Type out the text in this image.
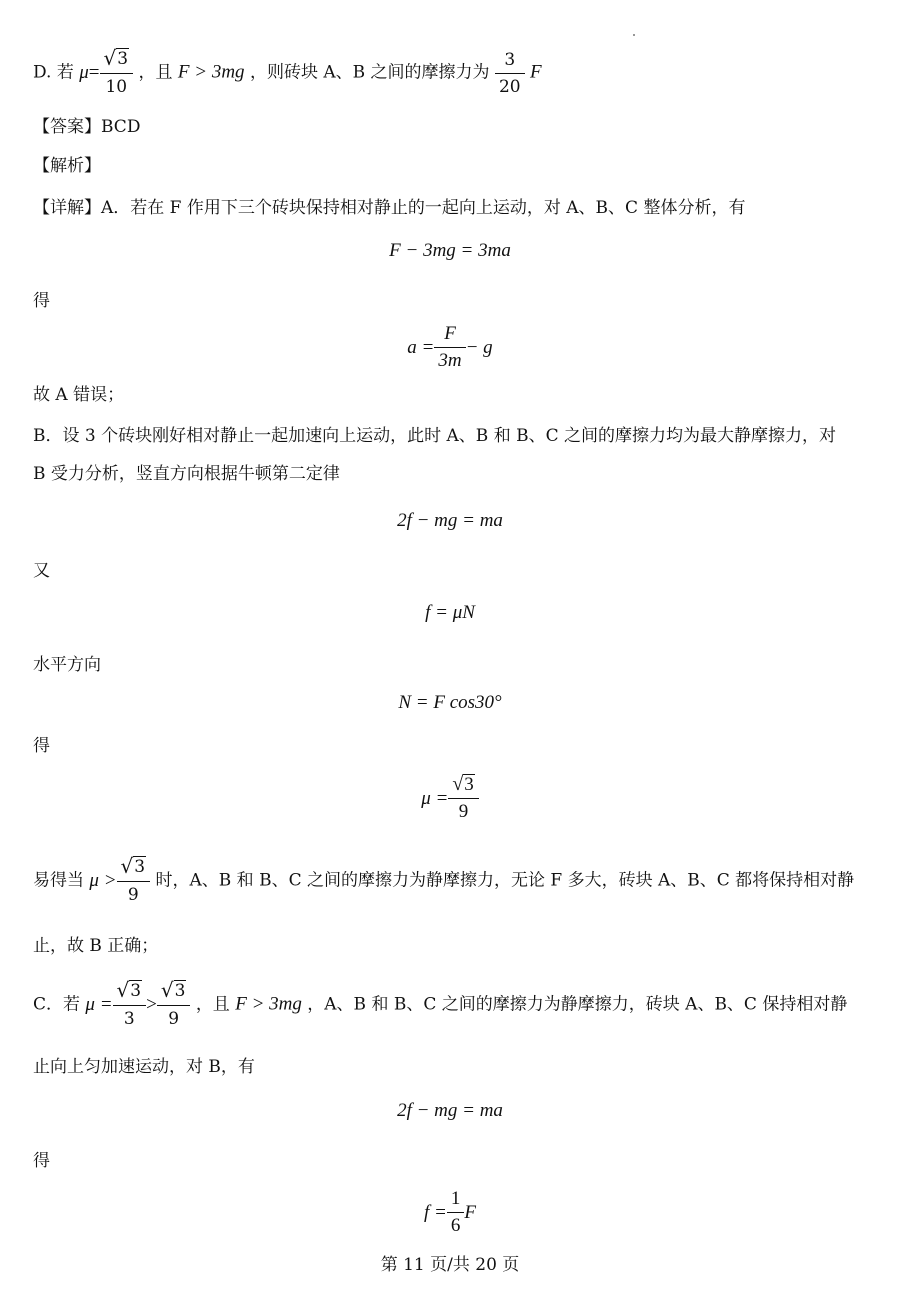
D. 若 $\mu = \frac{√ 3}{10}$ ，且 F > 3mg ，则砖块 A、B 之间的摩擦力为 $\frac{3}{20}$ F
【答案】BCD
【解析】
【详解】A．若在 F 作用下三个砖块保持相对静止的一起向上运动，对 A、B、C 整体分析，有
F − 3mg = 3ma
得
$a = \frac{F}{3m} - g$
故 A 错误；
B．设 3 个砖块刚好相对静止一起加速向上运动，此时 A、B 和 B、C 之间的摩擦力均为最大静摩擦力，对
B 受力分析，竖直方向根据牛顿第二定律
2f − mg = ma
又
f = μN
水平方向
N = F cos30°
得
$\mu = \frac{√ 3}{9}$
易得当 $\mu > \frac{√ 3}{9}$ 时，A、B 和 B、C 之间的摩擦力为静摩擦力，无论 F 多大，砖块 A、B、C 都将保持相对静
止，故 B 正确；
C．若 $\mu = \frac{√ 3}{3} > \frac{√ 3}{9}$ ，且 F > 3mg ，A、B 和 B、C 之间的摩擦力为静摩擦力，砖块 A、B、C 保持相对静
止向上匀加速运动，对 B，有
2f − mg = ma
得
$f = \frac{1}{6}$ F
第 11 页/共 20 页
